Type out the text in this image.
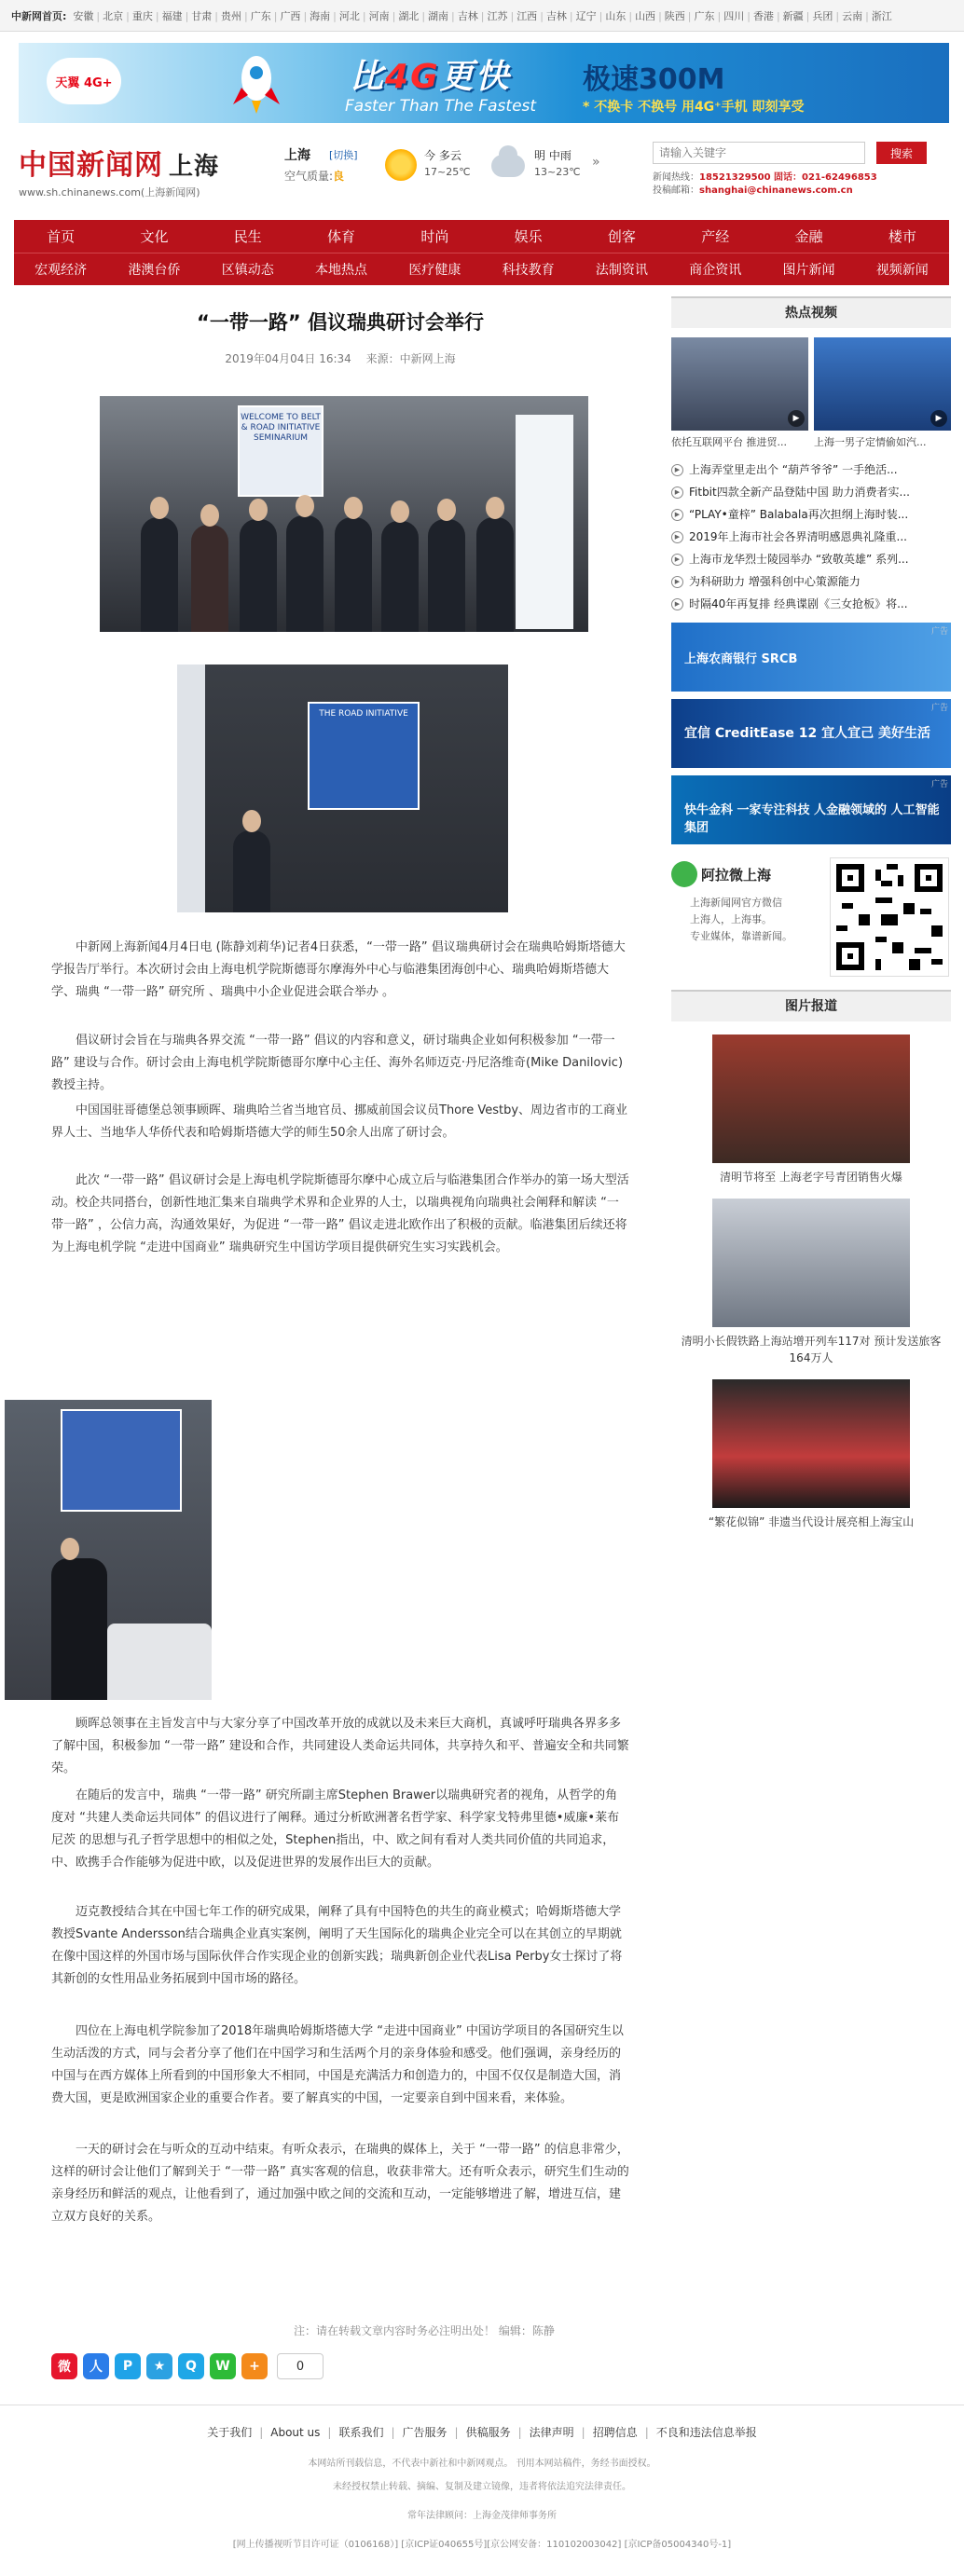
中新网首页: 安徽 | 北京 | 重庆 | 福建 | 甘肃 | 贵州 | 广东 | 广西 | 海南 | 河北 | 河南 | 湖北 | 湖南 | 吉林 | 江苏 | 江西 | 吉林 | 辽宁 | 山东 | 山西 | 陕西 | 广东 | 四川 | 香港 | 新疆 | 兵团 | 云南 | 浙江
天翼 4G+	比4G更快	极速300M
Faster Than The Fastest	* 不换卡 不换号 用4G⁺手机 即刻享受
中国新闻网 上海
www.sh.chinanews.com(上海新闻网)
上海 [切换]
空气质量:良
今 多云
17~25℃
明 中雨
13~23℃
»
请输入关键字
搜索
新闻热线：18521329500 固话：021-62496853
投稿邮箱：shanghai@chinanews.com.cn
首页	文化	民生	体育	时尚	娱乐	创客	产经	金融	楼市
宏观经济	港澳台侨	区镇动态	本地热点	医疗健康	科技教育	法制资讯	商企资讯	图片新闻	视频新闻
“一带一路” 倡议瑞典研讨会举行
2019年04月04日 16:34 来源：中新网上海
WELCOME TO BELT & ROAD INITIATIVE SEMINARIUM
THE ROAD INITIATIVE
中新网上海新闻4月4日电 (陈静刘莉华)记者4日获悉，“一带一路” 倡议瑞典研讨会在瑞典哈姆斯塔德大学报告厅举行。本次研讨会由上海电机学院斯德哥尔摩海外中心与临港集团海创中心、瑞典哈姆斯塔德大学、瑞典 “一带一路” 研究所 、瑞典中小企业促进会联合举办 。
倡议研讨会旨在与瑞典各界交流 “一带一路” 倡议的内容和意义，研讨瑞典企业如何积极参加 “一带一路” 建设与合作。研讨会由上海电机学院斯德哥尔摩中心主任、海外名师迈克·丹尼洛维奇(Mike Danilovic)教授主持。
中国国驻哥德堡总领事顾晖、瑞典哈兰省当地官员、挪威前国会议员Thore Vestby、周边省市的工商业界人士、当地华人华侨代表和哈姆斯塔德大学的师生50余人出席了研讨会。
此次 “一带一路” 倡议研讨会是上海电机学院斯德哥尔摩中心成立后与临港集团合作举办的第一场大型活动。校企共同搭台，创新性地汇集来自瑞典学术界和企业界的人士，以瑞典视角向瑞典社会阐释和解读 “一带一路” ，公信力高，沟通效果好，为促进 “一带一路” 倡议走进北欧作出了积极的贡献。临港集团后续还将为上海电机学院 “走进中国商业” 瑞典研究生中国访学项目提供研究生实习实践机会。
顾晖总领事在主旨发言中与大家分享了中国改革开放的成就以及未来巨大商机，真诚呼吁瑞典各界多多了解中国，积极参加 “一带一路” 建设和合作，共同建设人类命运共同体，共享持久和平、普遍安全和共同繁荣。
在随后的发言中，瑞典 “一带一路” 研究所副主席Stephen Brawer以瑞典研究者的视角，从哲学的角度对 “共建人类命运共同体” 的倡议进行了阐释。通过分析欧洲著名哲学家、科学家戈特弗里德•威廉•莱布尼茨 的思想与孔子哲学思想中的相似之处，Stephen指出，中、欧之间有看对人类共同价值的共同追求，中、欧携手合作能够为促进中欧，以及促进世界的发展作出巨大的贡献。
迈克教授结合其在中国七年工作的研究成果，阐释了具有中国特色的共生的商业模式；哈姆斯塔德大学教授Svante Andersson结合瑞典企业真实案例，阐明了天生国际化的瑞典企业完全可以在其创立的早期就在像中国这样的外国市场与国际伙伴合作实现企业的创新实践；瑞典新创企业代表Lisa Perby女士探讨了将其新创的女性用品业务拓展到中国市场的路径。
四位在上海电机学院参加了2018年瑞典哈姆斯塔德大学 “走进中国商业” 中国访学项目的各国研究生以生动活泼的方式，同与会者分享了他们在中国学习和生活两个月的亲身体验和感受。他们强调，亲身经历的中国与在西方媒体上所看到的中国形象大不相同，中国是充满活力和创造力的，中国不仅仅是制造大国，消费大国，更是欧洲国家企业的重要合作者。要了解真实的中国，一定要亲自到中国来看，来体验。
一天的研讨会在与听众的互动中结束。有听众表示，在瑞典的媒体上，关于 “一带一路” 的信息非常少，这样的研讨会让他们了解到关于 “一带一路” 真实客观的信息，收获非常大。还有听众表示，研究生们生动的亲身经历和鲜活的观点，让他看到了，通过加强中欧之间的交流和互动，一定能够增进了解，增进互信，建立双方良好的关系。
注：请在转载文章内容时务必注明出处！ 编辑：陈静
微	人	P	★	Q	W	+	0
关于我们 | About us | 联系我们 | 广告服务 | 供稿服务 | 法律声明 | 招聘信息 | 不良和违法信息举报
本网站所刊载信息，不代表中新社和中新网观点。 刊用本网站稿件，务经书面授权。
未经授权禁止转载、摘编、复制及建立镜像，违者将依法追究法律责任。
常年法律顾问：上海金茂律师事务所
[网上传播视听节目许可证（0106168）] [京ICP证040655号][京公网安备：110102003042] [京ICP备05004340号-1]
热点视频
▶
依托互联网平台 推进贸...
▶
上海一男子定情偷如汽...
▶ 上海弄堂里走出个 “葫芦爷爷” 一手绝活...
▶ Fitbit四款全新产品登陆中国 助力消费者实...
▶ “PLAY•童梓” Balabala再次担纲上海时装...
▶ 2019年上海市社会各界清明感恩典礼隆重...
▶ 上海市龙华烈士陵园举办 “致敬英雄” 系列...
▶ 为科研助力 增强科创中心策源能力
▶ 时隔40年再复排 经典谍剧《三女抢板》将...
广告
上海农商银行 SRCB
广告
宜信 CreditEase 12 宜人宜己 美好生活
广告
快牛金科 一家专注科技 人金融领域的 人工智能集团
阿拉微上海
上海新闻网官方微信
上海人，上海事。
专业媒体，靠谱新闻。
图片报道
清明节将至 上海老字号青团销售火爆
清明小长假铁路上海站增开列车117对 预计发送旅客164万人
“繁花似锦” 非遗当代设计展亮相上海宝山
